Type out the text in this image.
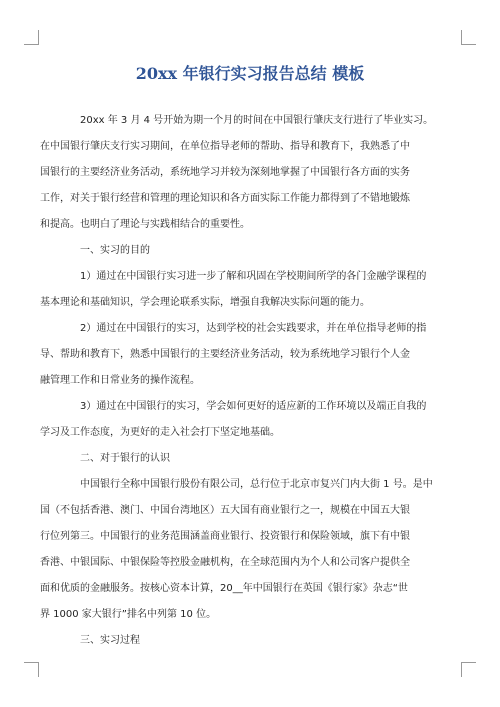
20xx 年银行实习报告总结 模板

20xx 年 3 月 4 号开始为期一个月的时间在中国银行肇庆支行进行了毕业实习。
在中国银行肇庆支行实习期间，在单位指导老师的帮助、指导和教育下，我熟悉了中
国银行的主要经济业务活动，系统地学习并较为深刻地掌握了中国银行各方面的实务
工作，对关于银行经营和管理的理论知识和各方面实际工作能力都得到了不错地锻炼
和提高。也明白了理论与实践相结合的重要性。

一、实习的目的

1）通过在中国银行实习进一步了解和巩固在学校期间所学的各门金融学课程的
基本理论和基础知识，学会理论联系实际，增强自我解决实际问题的能力。

2）通过在中国银行的实习，达到学校的社会实践要求，并在单位指导老师的指
导、帮助和教育下，熟悉中国银行的主要经济业务活动，较为系统地学习银行个人金
融管理工作和日常业务的操作流程。

3）通过在中国银行的实习，学会如何更好的适应新的工作环境以及端正自我的
学习及工作态度，为更好的走入社会打下坚定地基础。

二、对于银行的认识

中国银行全称中国银行股份有限公司，总行位于北京市复兴门内大街 1 号。是中
国（不包括香港、澳门、中国台湾地区）五大国有商业银行之一，规模在中国五大银
行位列第三。中国银行的业务范围涵盖商业银行、投资银行和保险领域，旗下有中银
香港、中银国际、中银保险等控股金融机构，在全球范围内为个人和公司客户提供全
面和优质的金融服务。按核心资本计算，20__年中国银行在英国《银行家》杂志“世
界 1000 家大银行”排名中列第 10 位。

三、实习过程
